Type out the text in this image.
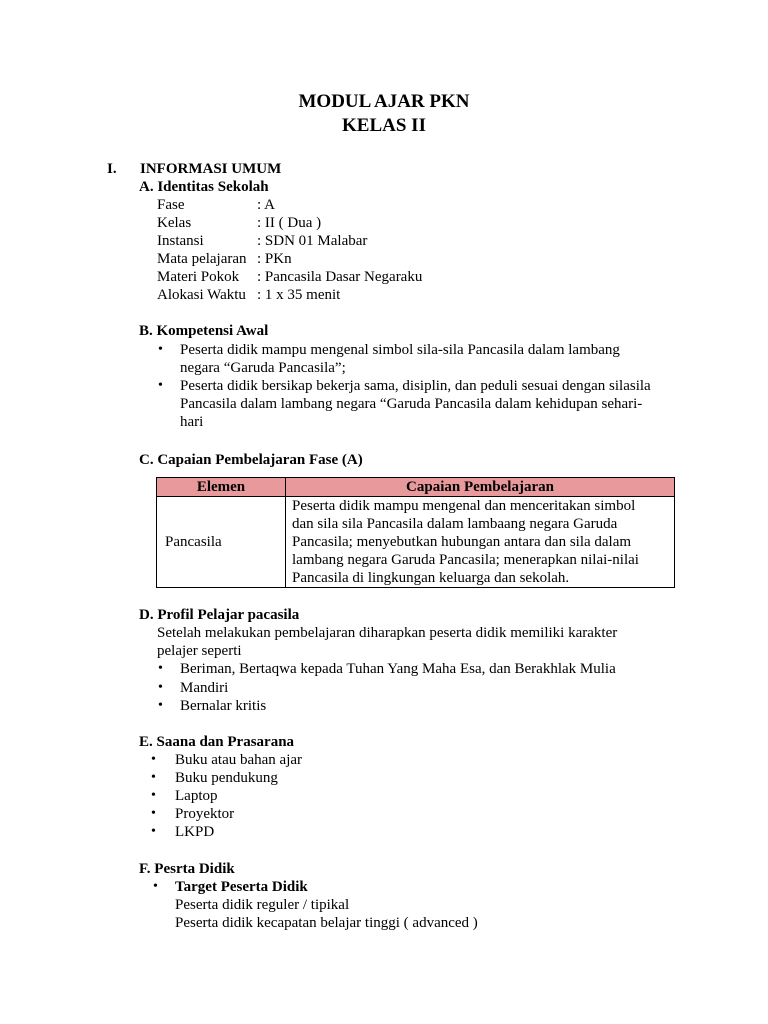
MODUL AJAR PKN
KELAS II
I. INFORMASI UMUM
A. Identitas Sekolah
Fase	: A
Kelas	: II ( Dua )
Instansi	: SDN 01 Malabar
Mata pelajaran : PKn
Materi Pokok : Pancasila Dasar Negaraku
Alokasi Waktu : 1 x 35 menit
B. Kompetensi Awal
• Peserta didik mampu mengenal simbol sila-sila Pancasila dalam lambang
negara “Garuda Pancasila”;
• Peserta didik bersikap bekerja sama, disiplin, dan peduli sesuai dengan silasila
Pancasila dalam lambang negara “Garuda Pancasila dalam kehidupan sehari-
hari
C. Capaian Pembelajaran Fase (A)
Elemen	Capaian Pembelajaran
Pancasila	Peserta didik mampu mengenal dan menceritakan simbol
dan sila sila Pancasila dalam lambaang negara Garuda
Pancasila; menyebutkan hubungan antara dan sila dalam
lambang negara Garuda Pancasila; menerapkan nilai-nilai
Pancasila di lingkungan keluarga dan sekolah.
D. Profil Pelajar pacasila
Setelah melakukan pembelajaran diharapkan peserta didik memiliki karakter
pelajer seperti
• Beriman, Bertaqwa kepada Tuhan Yang Maha Esa, dan Berakhlak Mulia
• Mandiri
• Bernalar kritis
E. Saana dan Prasarana
• Buku atau bahan ajar
• Buku pendukung
• Laptop
• Proyektor
• LKPD
F. Pesrta Didik
• Target Peserta Didik
Peserta didik reguler / tipikal
Peserta didik kecapatan belajar tinggi ( advanced )
